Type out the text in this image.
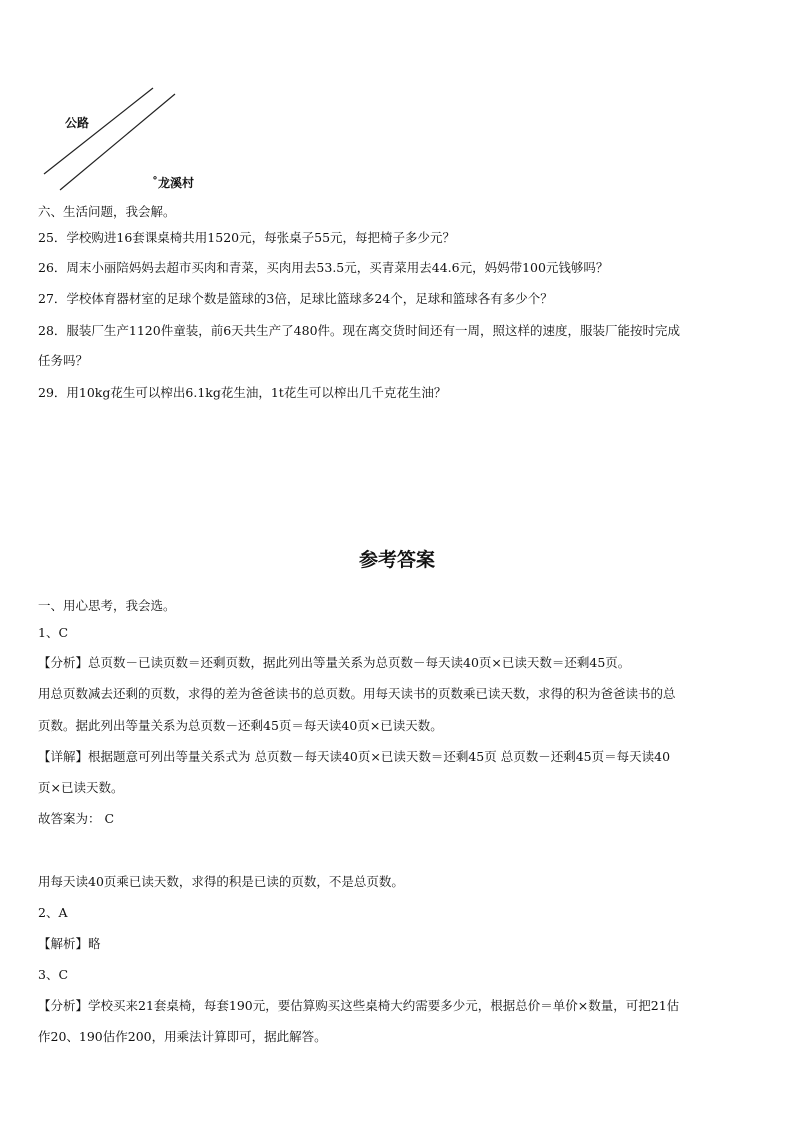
公路
˚龙溪村
六、生活问题，我会解。
25．学校购进16套课桌椅共用1520元，每张桌子55元，每把椅子多少元？
26．周末小丽陪妈妈去超市买肉和青菜，买肉用去53.5元，买青菜用去44.6元，妈妈带100元钱够吗？
27．学校体育器材室的足球个数是篮球的3倍，足球比篮球多24个，足球和篮球各有多少个？
28．服装厂生产1120件童装，前6天共生产了480件。现在离交货时间还有一周，照这样的速度，服装厂能按时完成
任务吗？
29．用10kg花生可以榨出6.1kg花生油，1t花生可以榨出几千克花生油？
参考答案
一、用心思考，我会选。
1、C
【分析】总页数－已读页数＝还剩页数，据此列出等量关系为总页数－每天读40页×已读天数＝还剩45页。
用总页数减去还剩的页数，求得的差为爸爸读书的总页数。用每天读书的页数乘已读天数，求得的积为爸爸读书的总
页数。据此列出等量关系为总页数－还剩45页＝每天读40页×已读天数。
【详解】根据题意可列出等量关系式为 总页数－每天读40页×已读天数＝还剩45页 总页数－还剩45页＝每天读40
页×已读天数。
故答案为： C
用每天读40页乘已读天数，求得的积是已读的页数，不是总页数。
2、A
【解析】略
3、C
【分析】学校买来21套桌椅，每套190元，要估算购买这些桌椅大约需要多少元，根据总价＝单价×数量，可把21估
作20、190估作200，用乘法计算即可，据此解答。
